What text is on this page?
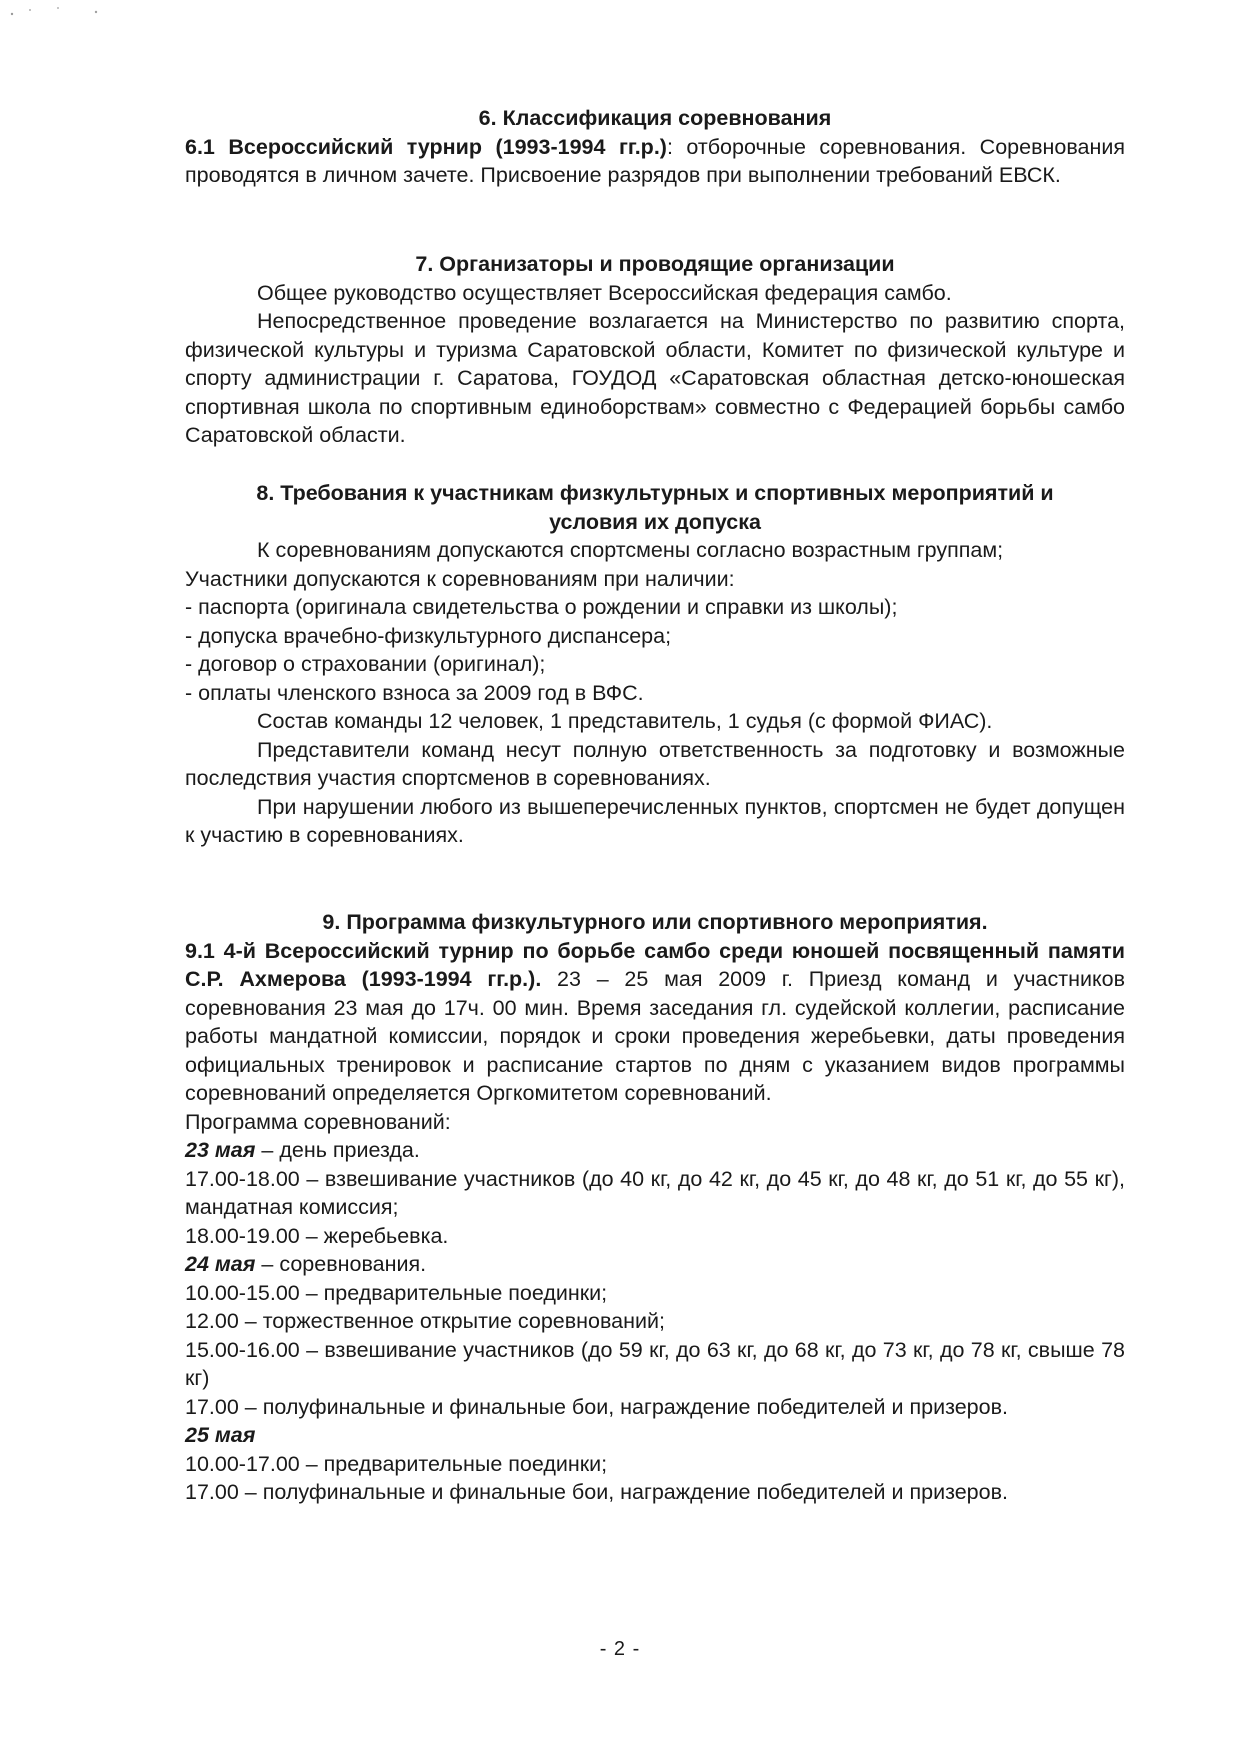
6. Классификация соревнования

6.1 Всероссийский турнир (1993-1994 гг.р.): отборочные соревнования. Соревнования проводятся в личном зачете. Присвоение разрядов при выполнении требований ЕВСК.

7. Организаторы и проводящие организации

Общее руководство осуществляет Всероссийская федерация самбо.

Непосредственное проведение возлагается на Министерство по развитию спорта, физической культуры и туризма Саратовской области, Комитет по физической культуре и спорту администрации г. Саратова, ГОУДОД «Саратовская областная детско-юношеская спортивная школа по спортивным единоборствам» совместно с Федерацией борьбы самбо Саратовской области.

8. Требования к участникам физкультурных и спортивных мероприятий и

условия их допуска

К соревнованиям допускаются спортсмены согласно возрастным группам;

Участники допускаются к соревнованиям при наличии:

- паспорта (оригинала свидетельства о рождении и справки из школы);

- допуска врачебно-физкультурного диспансера;

- договор о страховании (оригинал);

- оплаты членского взноса за 2009 год в ВФС.

Состав команды 12 человек, 1 представитель, 1 судья (с формой ФИАС).

Представители команд несут полную ответственность за подготовку и возможные последствия участия спортсменов в соревнованиях.

При нарушении любого из вышеперечисленных пунктов, спортсмен не будет допущен к участию в соревнованиях.

9. Программа физкультурного или спортивного мероприятия.

9.1 4-й Всероссийский турнир по борьбе самбо среди юношей посвященный памяти С.Р. Ахмерова (1993-1994 гг.р.). 23 – 25 мая 2009 г. Приезд команд и участников соревнования 23 мая до 17ч. 00 мин. Время заседания гл. судейской коллегии, расписание работы мандатной комиссии, порядок и сроки проведения жеребьевки, даты проведения официальных тренировок и расписание стартов по дням с указанием видов программы соревнований определяется Оргкомитетом соревнований.

Программа соревнований:

23 мая – день приезда.

17.00-18.00 – взвешивание участников (до 40 кг, до 42 кг, до 45 кг, до 48 кг, до 51 кг, до 55 кг), мандатная комиссия;

18.00-19.00 – жеребьевка.

24 мая – соревнования.

10.00-15.00 – предварительные поединки;

12.00 – торжественное открытие соревнований;

15.00-16.00 – взвешивание участников (до 59 кг, до 63 кг, до 68 кг, до 73 кг, до 78 кг, свыше 78 кг)

17.00 – полуфинальные и финальные бои, награждение победителей и призеров.

25 мая

10.00-17.00 – предварительные поединки;

17.00 – полуфинальные и финальные бои, награждение победителей и призеров.

- 2 -
